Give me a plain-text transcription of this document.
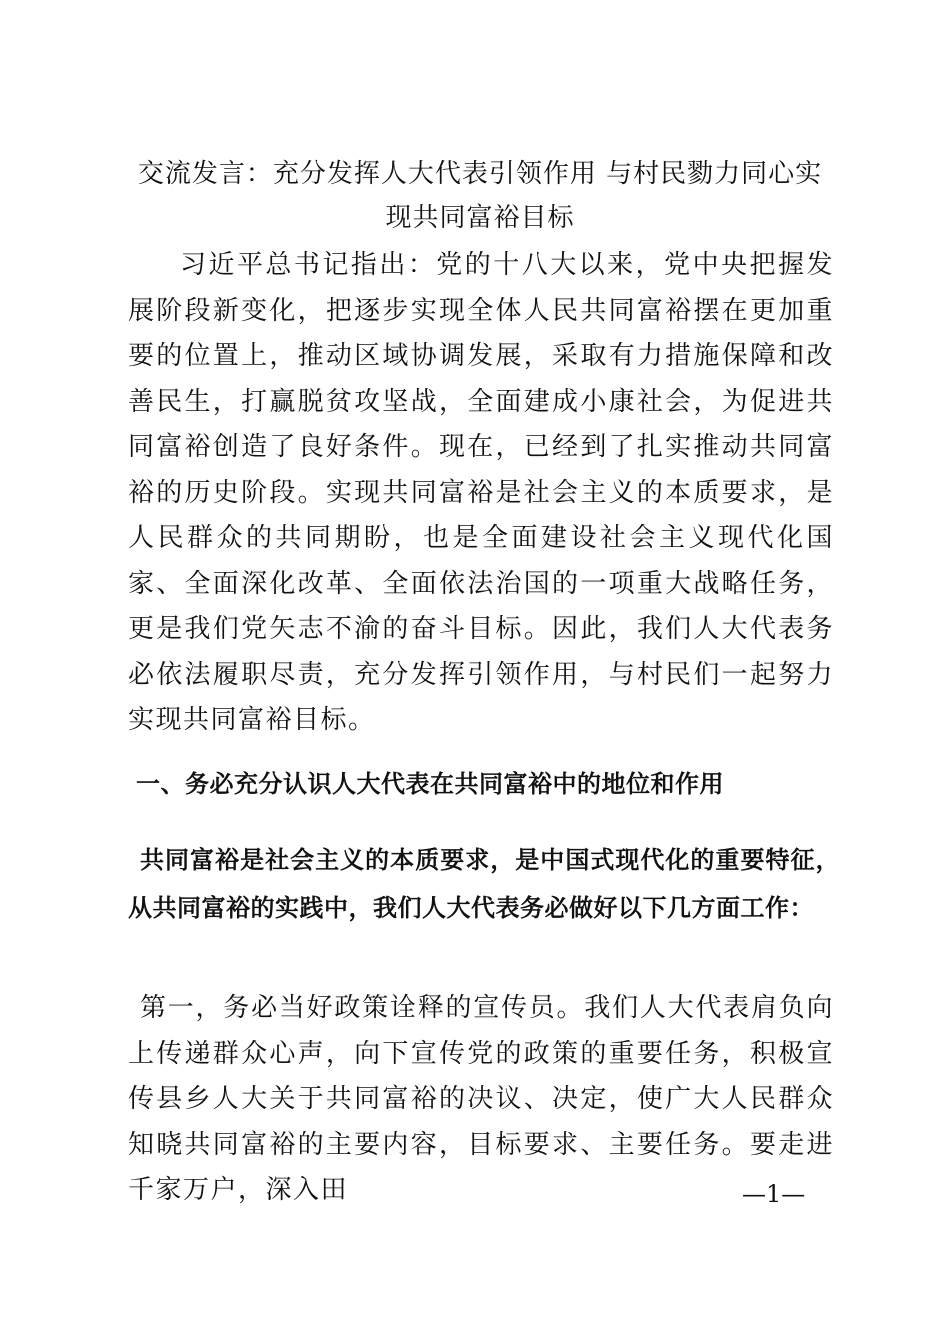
交流发言：充分发挥人大代表引领作用 与村民勠力同心实现共同富裕目标
习近平总书记指出：党的十八大以来，党中央把握发展阶段新变化，把逐步实现全体人民共同富裕摆在更加重要的位置上，推动区域协调发展，采取有力措施保障和改善民生，打赢脱贫攻坚战，全面建成小康社会，为促进共同富裕创造了良好条件。现在，已经到了扎实推动共同富裕的历史阶段。实现共同富裕是社会主义的本质要求，是人民群众的共同期盼，也是全面建设社会主义现代化国家、全面深化改革、全面依法治国的一项重大战略任务，更是我们党矢志不渝的奋斗目标。因此，我们人大代表务必依法履职尽责，充分发挥引领作用，与村民们一起努力实现共同富裕目标。
一、务必充分认识人大代表在共同富裕中的地位和作用
共同富裕是社会主义的本质要求，是中国式现代化的重要特征，从共同富裕的实践中，我们人大代表务必做好以下几方面工作：
第一，务必当好政策诠释的宣传员。我们人大代表肩负向上传递群众心声，向下宣传党的政策的重要任务，积极宣传县乡人大关于共同富裕的决议、决定，使广大人民群众知晓共同富裕的主要内容，目标要求、主要任务。要走进千家万户，深入田	—1—
